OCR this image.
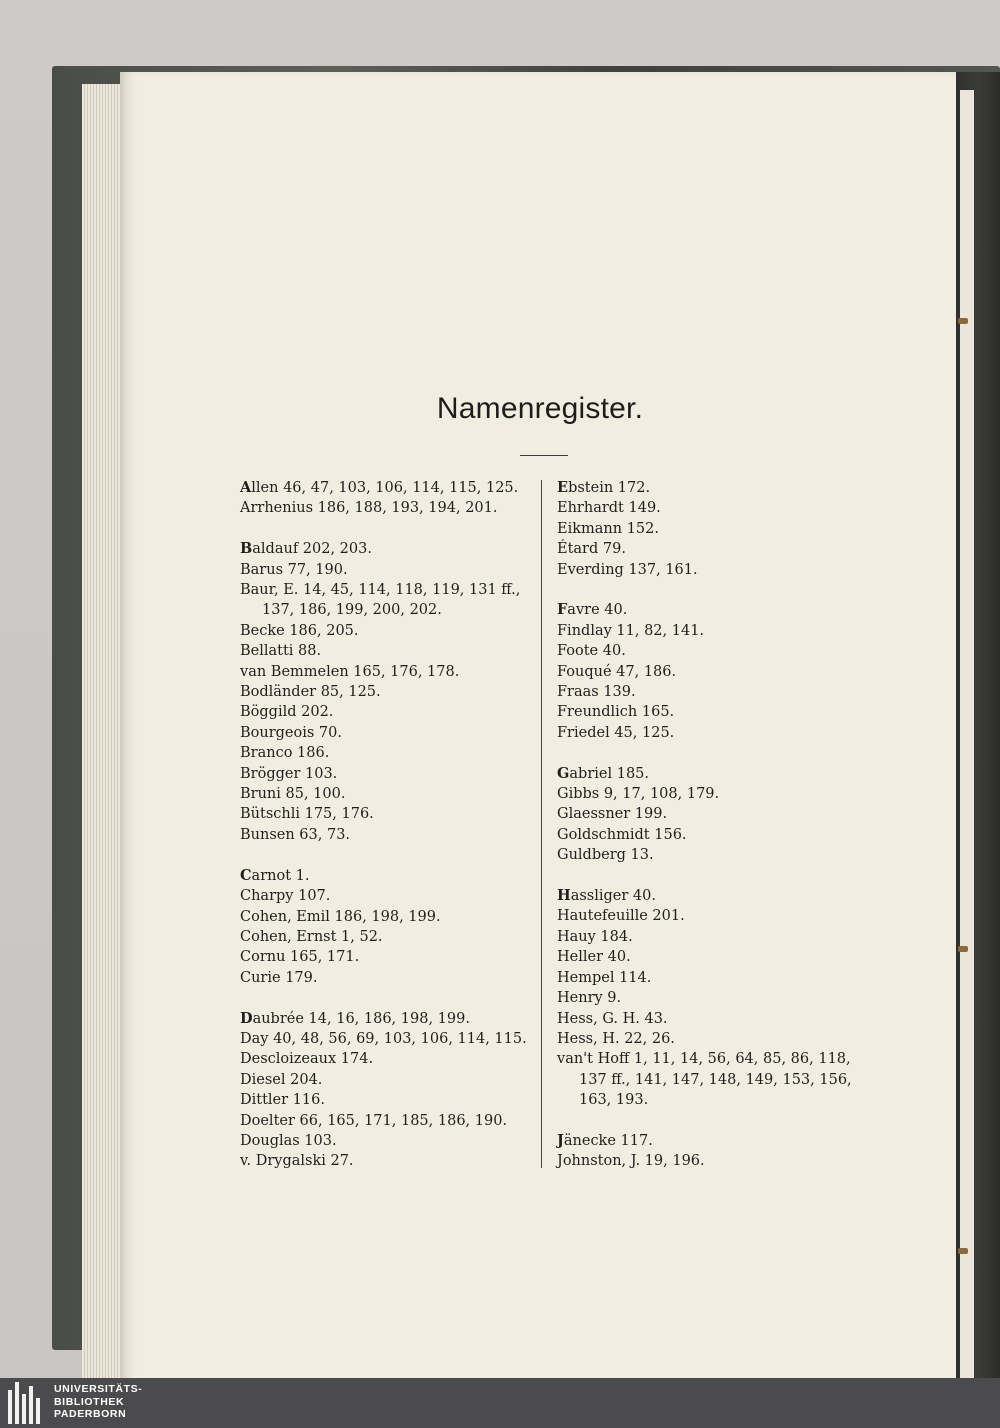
Namenregister.
Allen 46, 47, 103, 106, 114, 115, 125.
Arrhenius 186, 188, 193, 194, 201.
Baldauf 202, 203.
Barus 77, 190.
Baur, E. 14, 45, 114, 118, 119, 131 ff.,
137, 186, 199, 200, 202.
Becke 186, 205.
Bellatti 88.
van Bemmelen 165, 176, 178.
Bodländer 85, 125.
Böggild 202.
Bourgeois 70.
Branco 186.
Brögger 103.
Bruni 85, 100.
Bütschli 175, 176.
Bunsen 63, 73.
Carnot 1.
Charpy 107.
Cohen, Emil 186, 198, 199.
Cohen, Ernst 1, 52.
Cornu 165, 171.
Curie 179.
Daubrée 14, 16, 186, 198, 199.
Day 40, 48, 56, 69, 103, 106, 114, 115.
Descloizeaux 174.
Diesel 204.
Dittler 116.
Doelter 66, 165, 171, 185, 186, 190.
Douglas 103.
v. Drygalski 27.
Ebstein 172.
Ehrhardt 149.
Eikmann 152.
Étard 79.
Everding 137, 161.
Favre 40.
Findlay 11, 82, 141.
Foote 40.
Fouqué 47, 186.
Fraas 139.
Freundlich 165.
Friedel 45, 125.
Gabriel 185.
Gibbs 9, 17, 108, 179.
Glaessner 199.
Goldschmidt 156.
Guldberg 13.
Hassliger 40.
Hautefeuille 201.
Hauy 184.
Heller 40.
Hempel 114.
Henry 9.
Hess, G. H. 43.
Hess, H. 22, 26.
van't Hoff 1, 11, 14, 56, 64, 85, 86, 118,
137 ff., 141, 147, 148, 149, 153, 156,
163, 193.
Jänecke 117.
Johnston, J. 19, 196.
UNIVERSITÄTS-
BIBLIOTHEK
PADERBORN
